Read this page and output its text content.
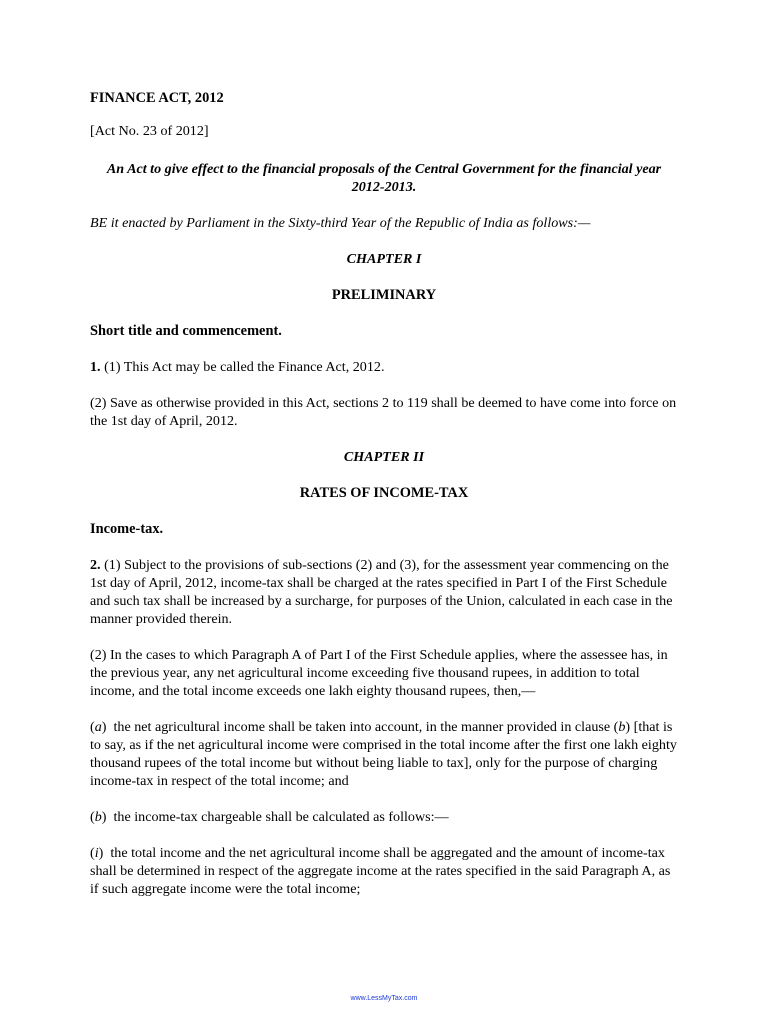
FINANCE ACT, 2012
[Act No. 23 of 2012]
An Act to give effect to the financial proposals of the Central Government for the financial year 2012-2013.
BE it enacted by Parliament in the Sixty-third Year of the Republic of India as follows:—
CHAPTER I
PRELIMINARY
Short title and commencement.
1. (1) This Act may be called the Finance Act, 2012.
(2) Save as otherwise provided in this Act, sections 2 to 119 shall be deemed to have come into force on the 1st day of April, 2012.
CHAPTER II
RATES OF INCOME-TAX
Income-tax.
2. (1) Subject to the provisions of sub-sections (2) and (3), for the assessment year commencing on the 1st day of April, 2012, income-tax shall be charged at the rates specified in Part I of the First Schedule and such tax shall be increased by a surcharge, for purposes of the Union, calculated in each case in the manner provided therein.
(2) In the cases to which Paragraph A of Part I of the First Schedule applies, where the assessee has, in the previous year, any net agricultural income exceeding five thousand rupees, in addition to total income, and the total income exceeds one lakh eighty thousand rupees, then,—
(a)  the net agricultural income shall be taken into account, in the manner provided in clause (b) [that is to say, as if the net agricultural income were comprised in the total income after the first one lakh eighty thousand rupees of the total income but without being liable to tax], only for the purpose of charging income-tax in respect of the total income; and
(b)  the income-tax chargeable shall be calculated as follows:—
(i)  the total income and the net agricultural income shall be aggregated and the amount of income-tax shall be determined in respect of the aggregate income at the rates specified in the said Paragraph A, as if such aggregate income were the total income;
www.LessMyTax.com
